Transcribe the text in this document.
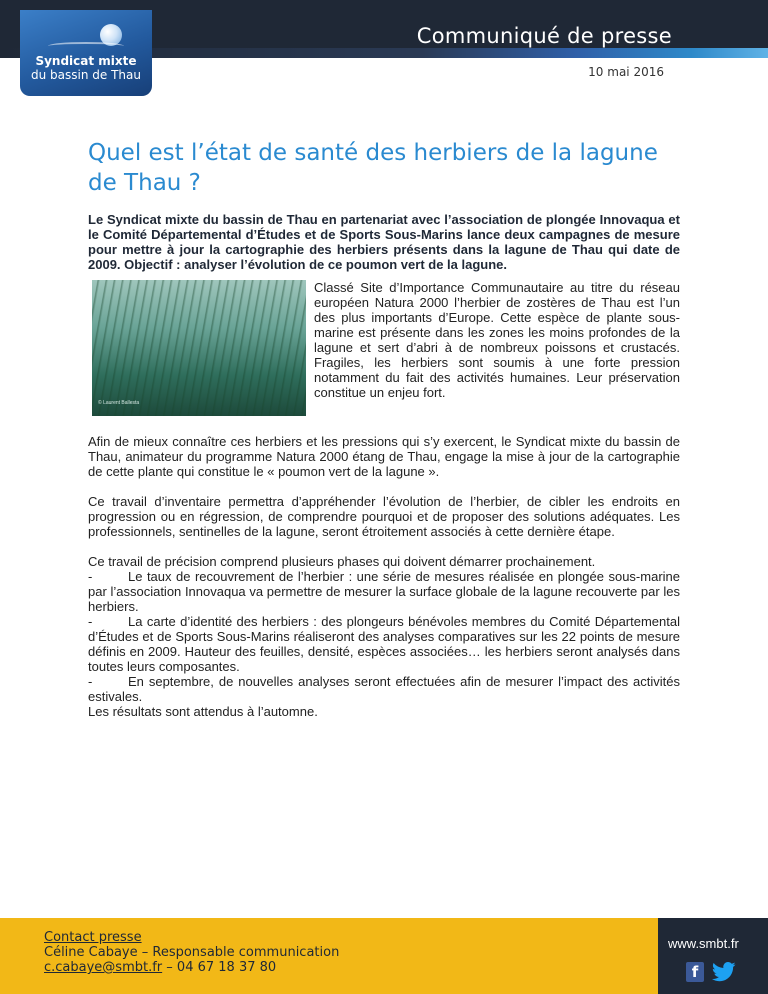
Syndicat mixte
du bassin de Thau
Communiqué de presse
10 mai 2016
Quel est l’état de santé des herbiers de la lagune de Thau ?

Le Syndicat mixte du bassin de Thau en partenariat avec l’association de plongée Innovaqua et le Comité Départemental d’Études et de Sports Sous-Marins lance deux campagnes de mesure pour mettre à jour la cartographie des herbiers présents dans la lagune de Thau qui date de 2009. Objectif : analyser l’évolution de ce poumon vert de la lagune.

© Laurent Ballesta

Classé Site d’Importance Communautaire au titre du réseau européen Natura 2000 l’herbier de zostères de Thau est l’un des plus importants d’Europe. Cette espèce de plante sous-marine est présente dans les zones les moins profondes de la lagune et sert d’abri à de nombreux poissons et crustacés. Fragiles, les herbiers sont soumis à une forte pression notamment du fait des activités humaines. Leur préservation constitue un enjeu fort.

Afin de mieux connaître ces herbiers et les pressions qui s’y exercent, le Syndicat mixte du bassin de Thau, animateur du programme Natura 2000 étang de Thau, engage la mise à jour de la cartographie de cette plante qui constitue le « poumon vert de la lagune ».

Ce travail d’inventaire permettra d’appréhender l’évolution de l’herbier, de cibler les endroits en progression ou en régression, de comprendre pourquoi et de proposer des solutions adéquates. Les professionnels, sentinelles de la lagune, seront étroitement associés à cette dernière étape.

Ce travail de précision comprend plusieurs phases qui doivent démarrer prochainement.

-	Le taux de recouvrement de l’herbier : une série de mesures réalisée en plongée sous-marine par l’association Innovaqua va permettre de mesurer la surface globale de la lagune recouverte par les herbiers.

-	La carte d’identité des herbiers : des plongeurs bénévoles membres du Comité Départemental d’Études et de Sports Sous-Marins réaliseront des analyses comparatives sur les 22 points de mesure définis en 2009. Hauteur des feuilles, densité, espèces associées… les herbiers seront analysés dans toutes leurs composantes.

-	En septembre, de nouvelles analyses seront effectuées afin de mesurer l’impact des activités estivales.

Les résultats sont attendus à l’automne.

Contact presse
Céline Cabaye – Responsable communication
c.cabaye@smbt.fr – 04 67 18 37 80
www.smbt.fr
f
